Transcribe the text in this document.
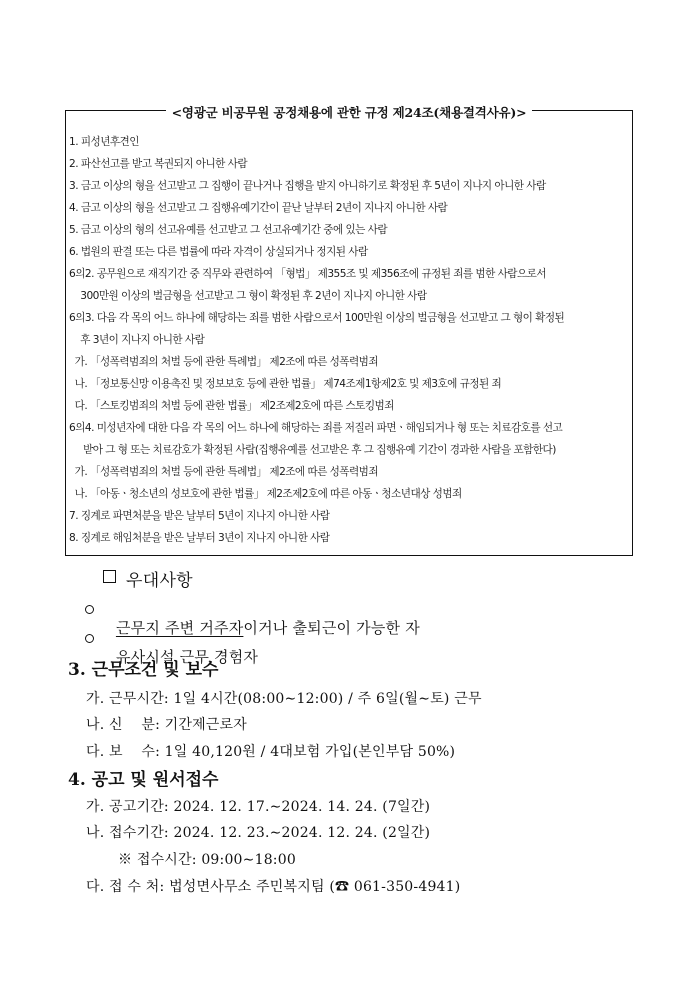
<영광군 비공무원 공정채용에 관한 규정 제24조(채용결격사유)>
1. 피성년후견인
2. 파산선고를 받고 복권되지 아니한 사람
3. 금고 이상의 형을 선고받고 그 집행이 끝나거나 집행을 받지 아니하기로 확정된 후 5년이 지나지 아니한 사람
4. 금고 이상의 형을 선고받고 그 집행유예기간이 끝난 날부터 2년이 지나지 아니한 사람
5. 금고 이상의 형의 선고유예를 선고받고 그 선고유예기간 중에 있는 사람
6. 법원의 판결 또는 다른 법률에 따라 자격이 상실되거나 정지된 사람
6의2. 공무원으로 재직기간 중 직무와 관련하여 「형법」 제355조 및 제356조에 규정된 죄를 범한 사람으로서
300만원 이상의 벌금형을 선고받고 그 형이 확정된 후 2년이 지나지 아니한 사람
6의3. 다음 각 목의 어느 하나에 해당하는 죄를 범한 사람으로서 100만원 이상의 벌금형을 선고받고 그 형이 확정된
후 3년이 지나지 아니한 사람
가. 「성폭력범죄의 처벌 등에 관한 특례법」 제2조에 따른 성폭력범죄
나. 「정보통신망 이용촉진 및 정보보호 등에 관한 법률」 제74조제1항제2호 및 제3호에 규정된 죄
다. 「스토킹범죄의 처벌 등에 관한 법률」 제2조제2호에 따른 스토킹범죄
6의4. 미성년자에 대한 다음 각 목의 어느 하나에 해당하는 죄를 저질러 파면ㆍ해임되거나 형 또는 치료감호를 선고
받아 그 형 또는 치료감호가 확정된 사람(집행유예를 선고받은 후 그 집행유예 기간이 경과한 사람을 포함한다)
가. 「성폭력범죄의 처벌 등에 관한 특례법」 제2조에 따른 성폭력범죄
나. 「아동ㆍ청소년의 성보호에 관한 법률」 제2조제2호에 따른 아동ㆍ청소년대상 성범죄
7. 징계로 파면처분을 받은 날부터 5년이 지나지 아니한 사람
8. 징계로 해임처분을 받은 날부터 3년이 지나지 아니한 사람
우대사항

근무지 주변 거주자이거나 출퇴근이 가능한 자

유사시설 근무 경험자

3. 근무조건 및 보수
가. 근무시간: 1일 4시간(08:00∼12:00) / 주 6일(월∼토) 근무
나. 신    분: 기간제근로자
다. 보    수: 1일 40,120원 / 4대보험 가입(본인부담 50%)
4. 공고 및 원서접수
가. 공고기간: 2024. 12. 17.∼2024. 14. 24. (7일간)
나. 접수기간: 2024. 12. 23.∼2024. 12. 24. (2일간)
※ 접수시간: 09:00∼18:00
다. 접 수 처: 법성면사무소 주민복지팀 (☎ 061-350-4941)
